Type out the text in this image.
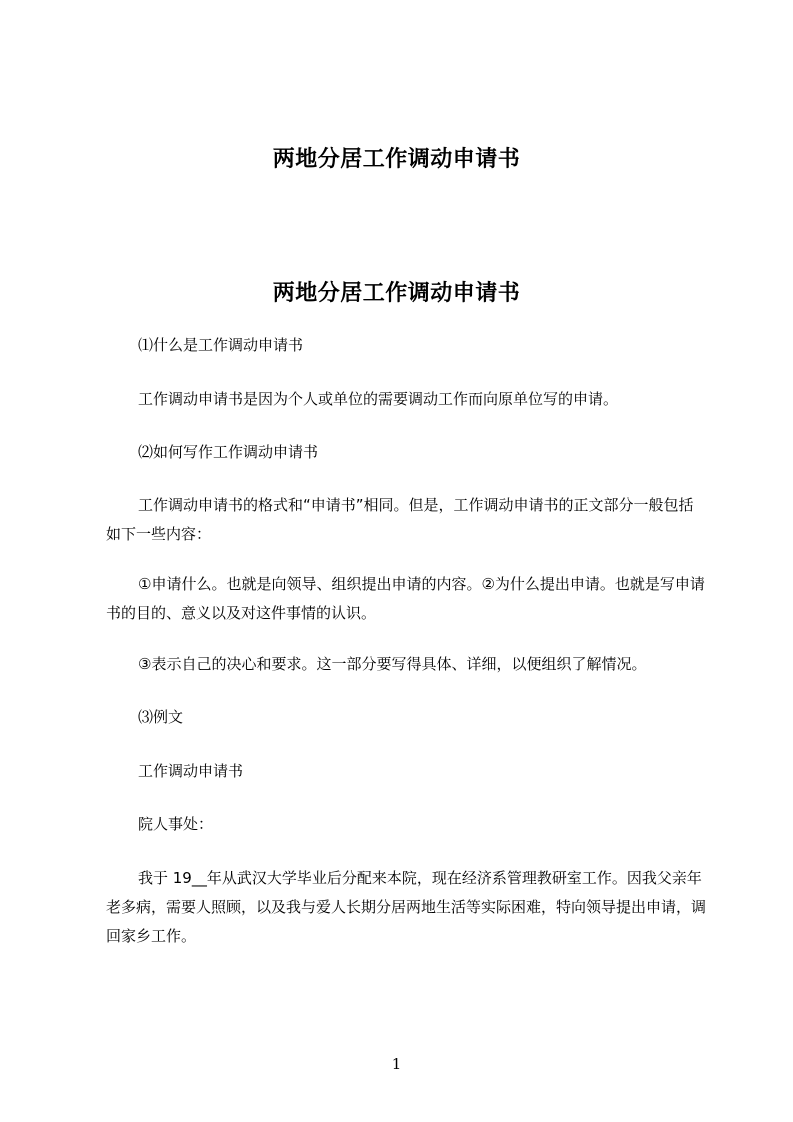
两地分居工作调动申请书
两地分居工作调动申请书
⑴什么是工作调动申请书
工作调动申请书是因为个人或单位的需要调动工作而向原单位写的申请。
⑵如何写作工作调动申请书
工作调动申请书的格式和“申请书”相同。但是，工作调动申请书的正文部分一般包括如下一些内容：
①申请什么。也就是向领导、组织提出申请的内容。②为什么提出申请。也就是写申请书的目的、意义以及对这件事情的认识。
③表示自己的决心和要求。这一部分要写得具体、详细，以便组织了解情况。
⑶例文
工作调动申请书
院人事处：
我于 19__年从武汉大学毕业后分配来本院，现在经济系管理教研室工作。因我父亲年老多病，需要人照顾，以及我与爱人长期分居两地生活等实际困难，特向领导提出申请，调回家乡工作。
1
